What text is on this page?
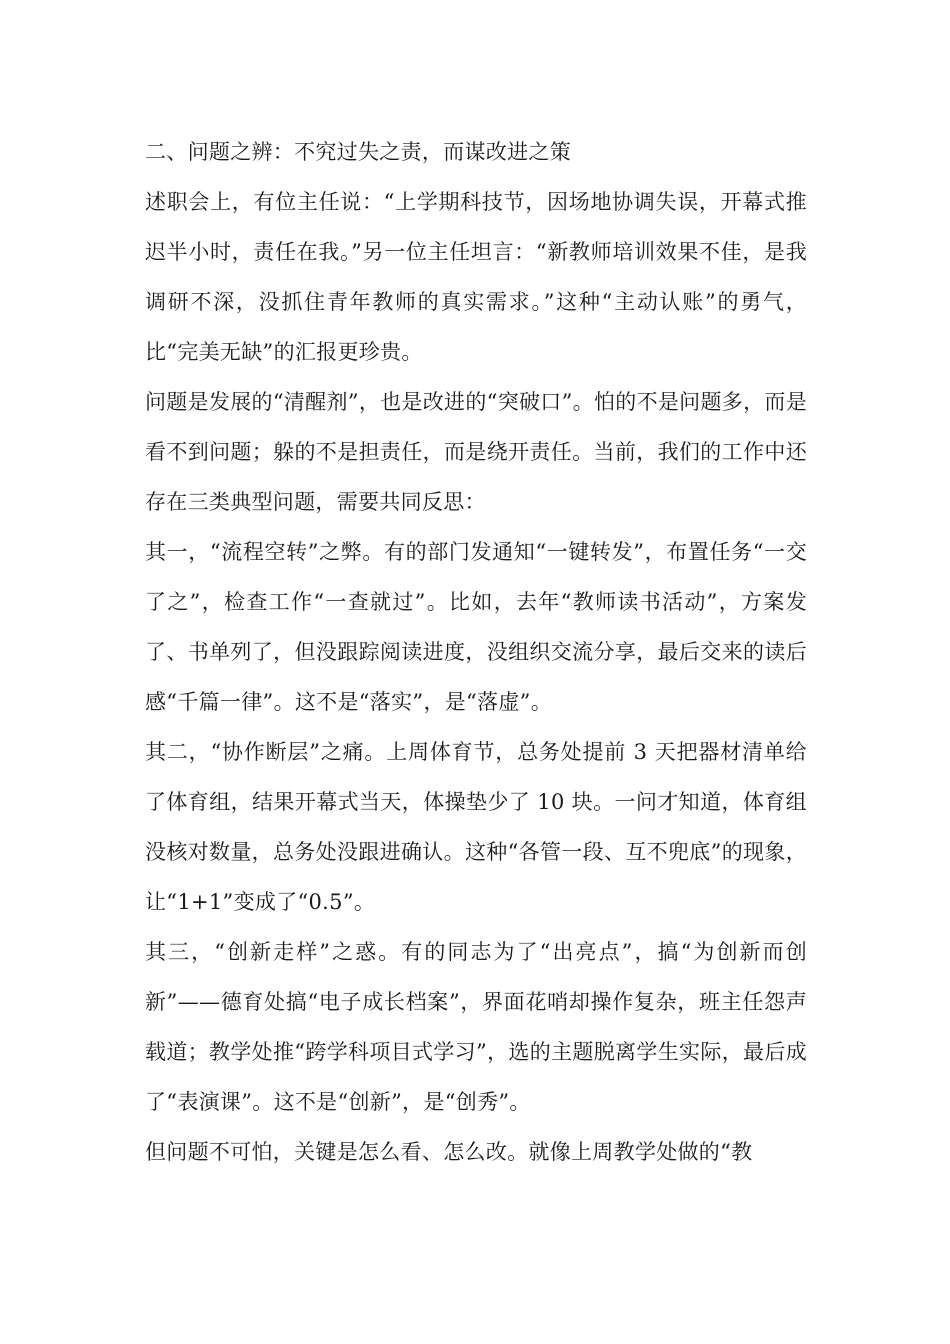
二、问题之辨：不究过失之责，而谋改进之策

述职会上，有位主任说：“上学期科技节，因场地协调失误，开幕式推迟半小时，责任在我。”另一位主任坦言：“新教师培训效果不佳，是我调研不深，没抓住青年教师的真实需求。”这种“主动认账”的勇气，比“完美无缺”的汇报更珍贵。

问题是发展的“清醒剂”，也是改进的“突破口”。怕的不是问题多，而是看不到问题；躲的不是担责任，而是绕开责任。当前，我们的工作中还存在三类典型问题，需要共同反思：

其一，“流程空转”之弊。有的部门发通知“一键转发”，布置任务“一交了之”，检查工作“一查就过”。比如，去年“教师读书活动”，方案发了、书单列了，但没跟踪阅读进度，没组织交流分享，最后交来的读后感“千篇一律”。这不是“落实”，是“落虚”。

其二，“协作断层”之痛。上周体育节，总务处提前 3 天把器材清单给了体育组，结果开幕式当天，体操垫少了 10 块。一问才知道，体育组没核对数量，总务处没跟进确认。这种“各管一段、互不兜底”的现象，让“1+1”变成了“0.5”。

其三，“创新走样”之惑。有的同志为了“出亮点”，搞“为创新而创新”——德育处搞“电子成长档案”，界面花哨却操作复杂，班主任怨声载道；教学处推“跨学科项目式学习”，选的主题脱离学生实际，最后成了“表演课”。这不是“创新”，是“创秀”。

但问题不可怕，关键是怎么看、怎么改。就像上周教学处做的“教
